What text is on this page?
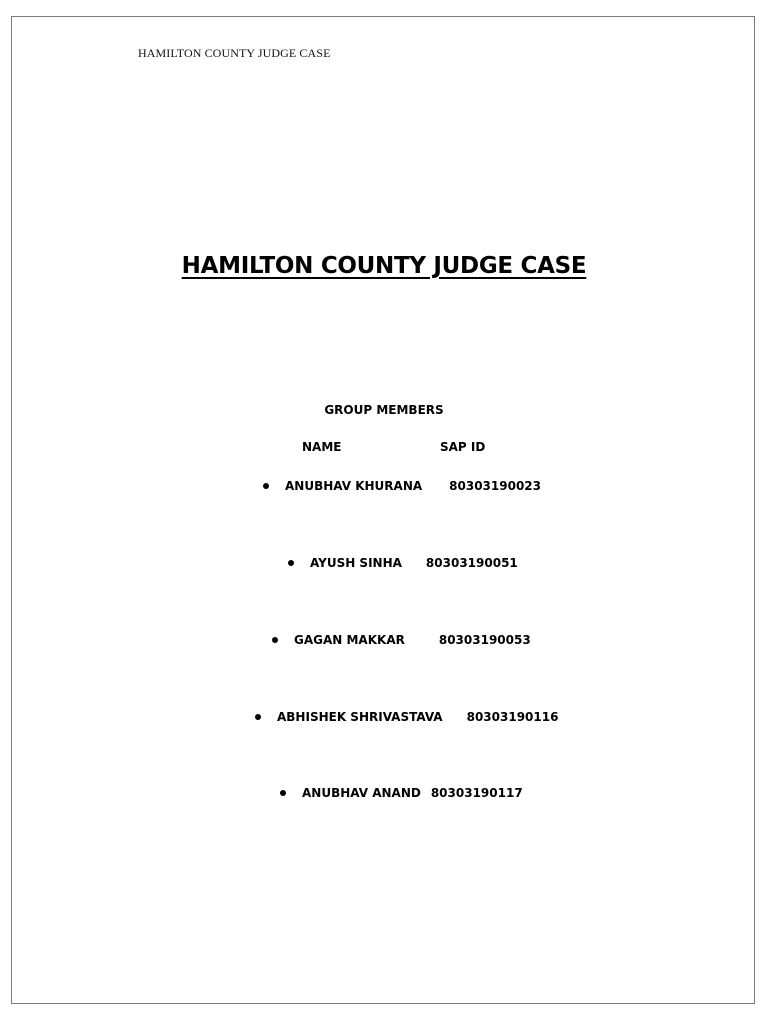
HAMILTON COUNTY JUDGE CASE
HAMILTON COUNTY JUDGE CASE
GROUP MEMBERS
NAME	SAP ID
ANUBHAV KHURANA 80303190023
AYUSH SINHA 80303190051
GAGAN MAKKAR	80303190053
ABHISHEK SHRIVASTAVA 80303190116
ANUBHAV ANAND 80303190117
